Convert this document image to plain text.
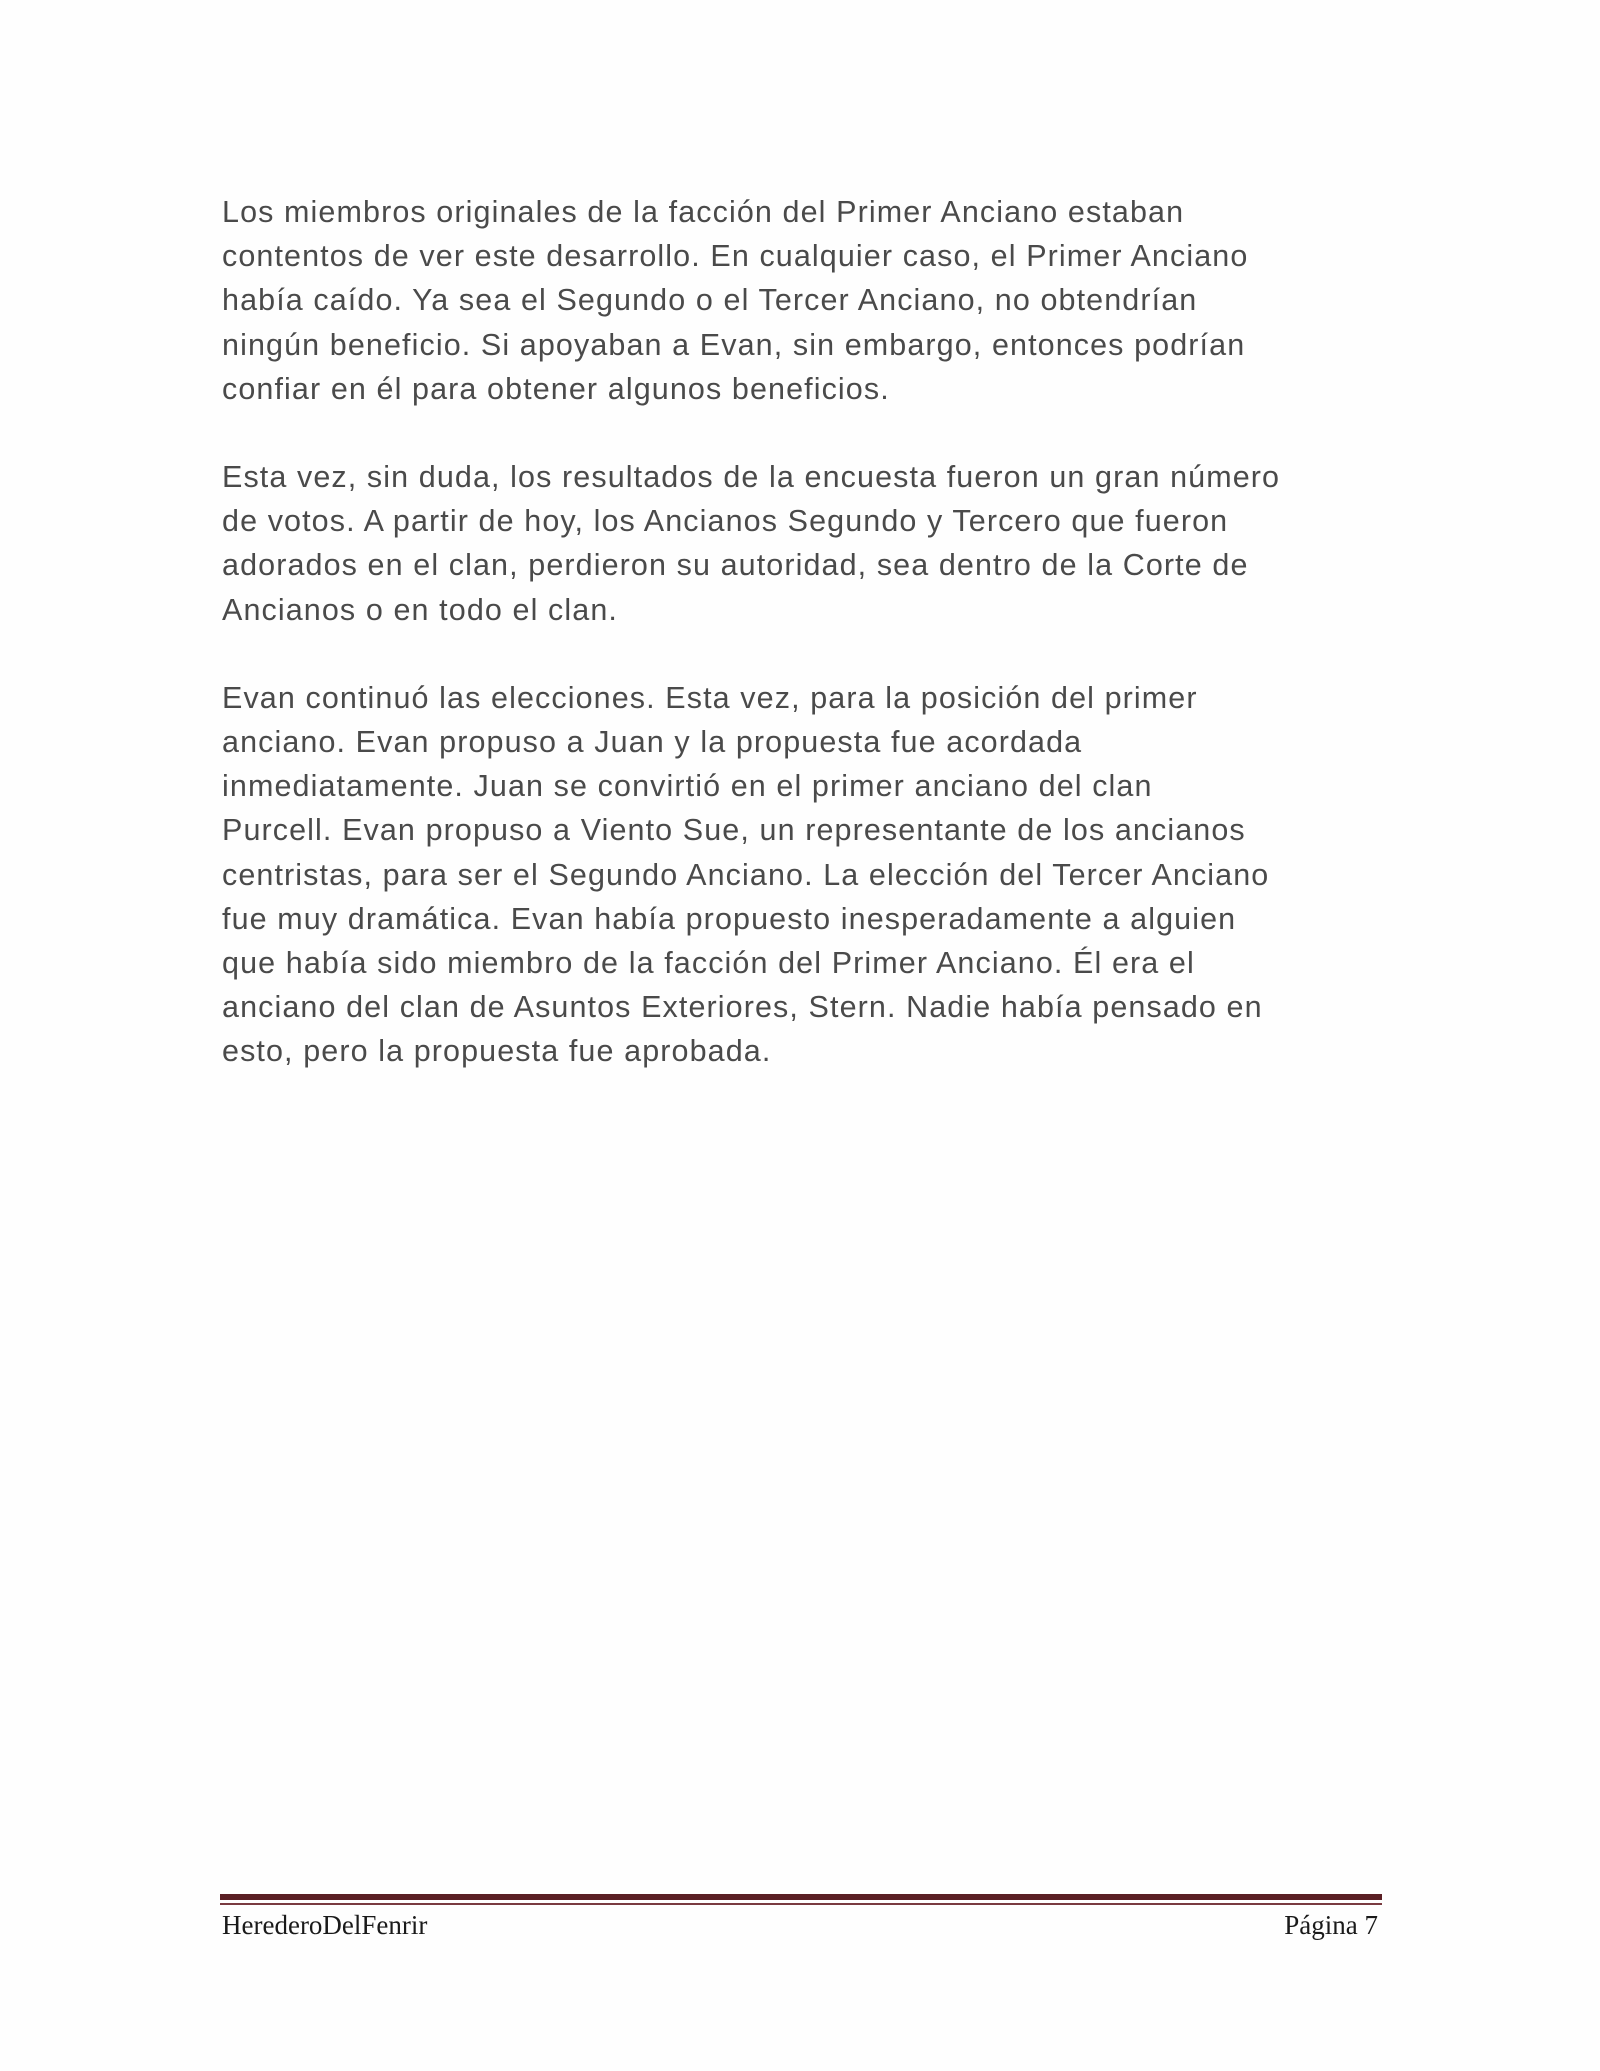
Los miembros originales de la facción del Primer Anciano estaban
contentos de ver este desarrollo. En cualquier caso, el Primer Anciano
había caído. Ya sea el Segundo o el Tercer Anciano, no obtendrían
ningún beneficio. Si apoyaban a Evan, sin embargo, entonces podrían
confiar en él para obtener algunos beneficios.

Esta vez, sin duda, los resultados de la encuesta fueron un gran número
de votos. A partir de hoy, los Ancianos Segundo y Tercero que fueron
adorados en el clan, perdieron su autoridad, sea dentro de la Corte de
Ancianos o en todo el clan.

Evan continuó las elecciones. Esta vez, para la posición del primer
anciano. Evan propuso a Juan y la propuesta fue acordada
inmediatamente. Juan se convirtió en el primer anciano del clan
Purcell. Evan propuso a Viento Sue, un representante de los ancianos
centristas, para ser el Segundo Anciano. La elección del Tercer Anciano
fue muy dramática. Evan había propuesto inesperadamente a alguien
que había sido miembro de la facción del Primer Anciano. Él era el
anciano del clan de Asuntos Exteriores, Stern. Nadie había pensado en
esto, pero la propuesta fue aprobada.

HerederoDelFenrir	Página 7
